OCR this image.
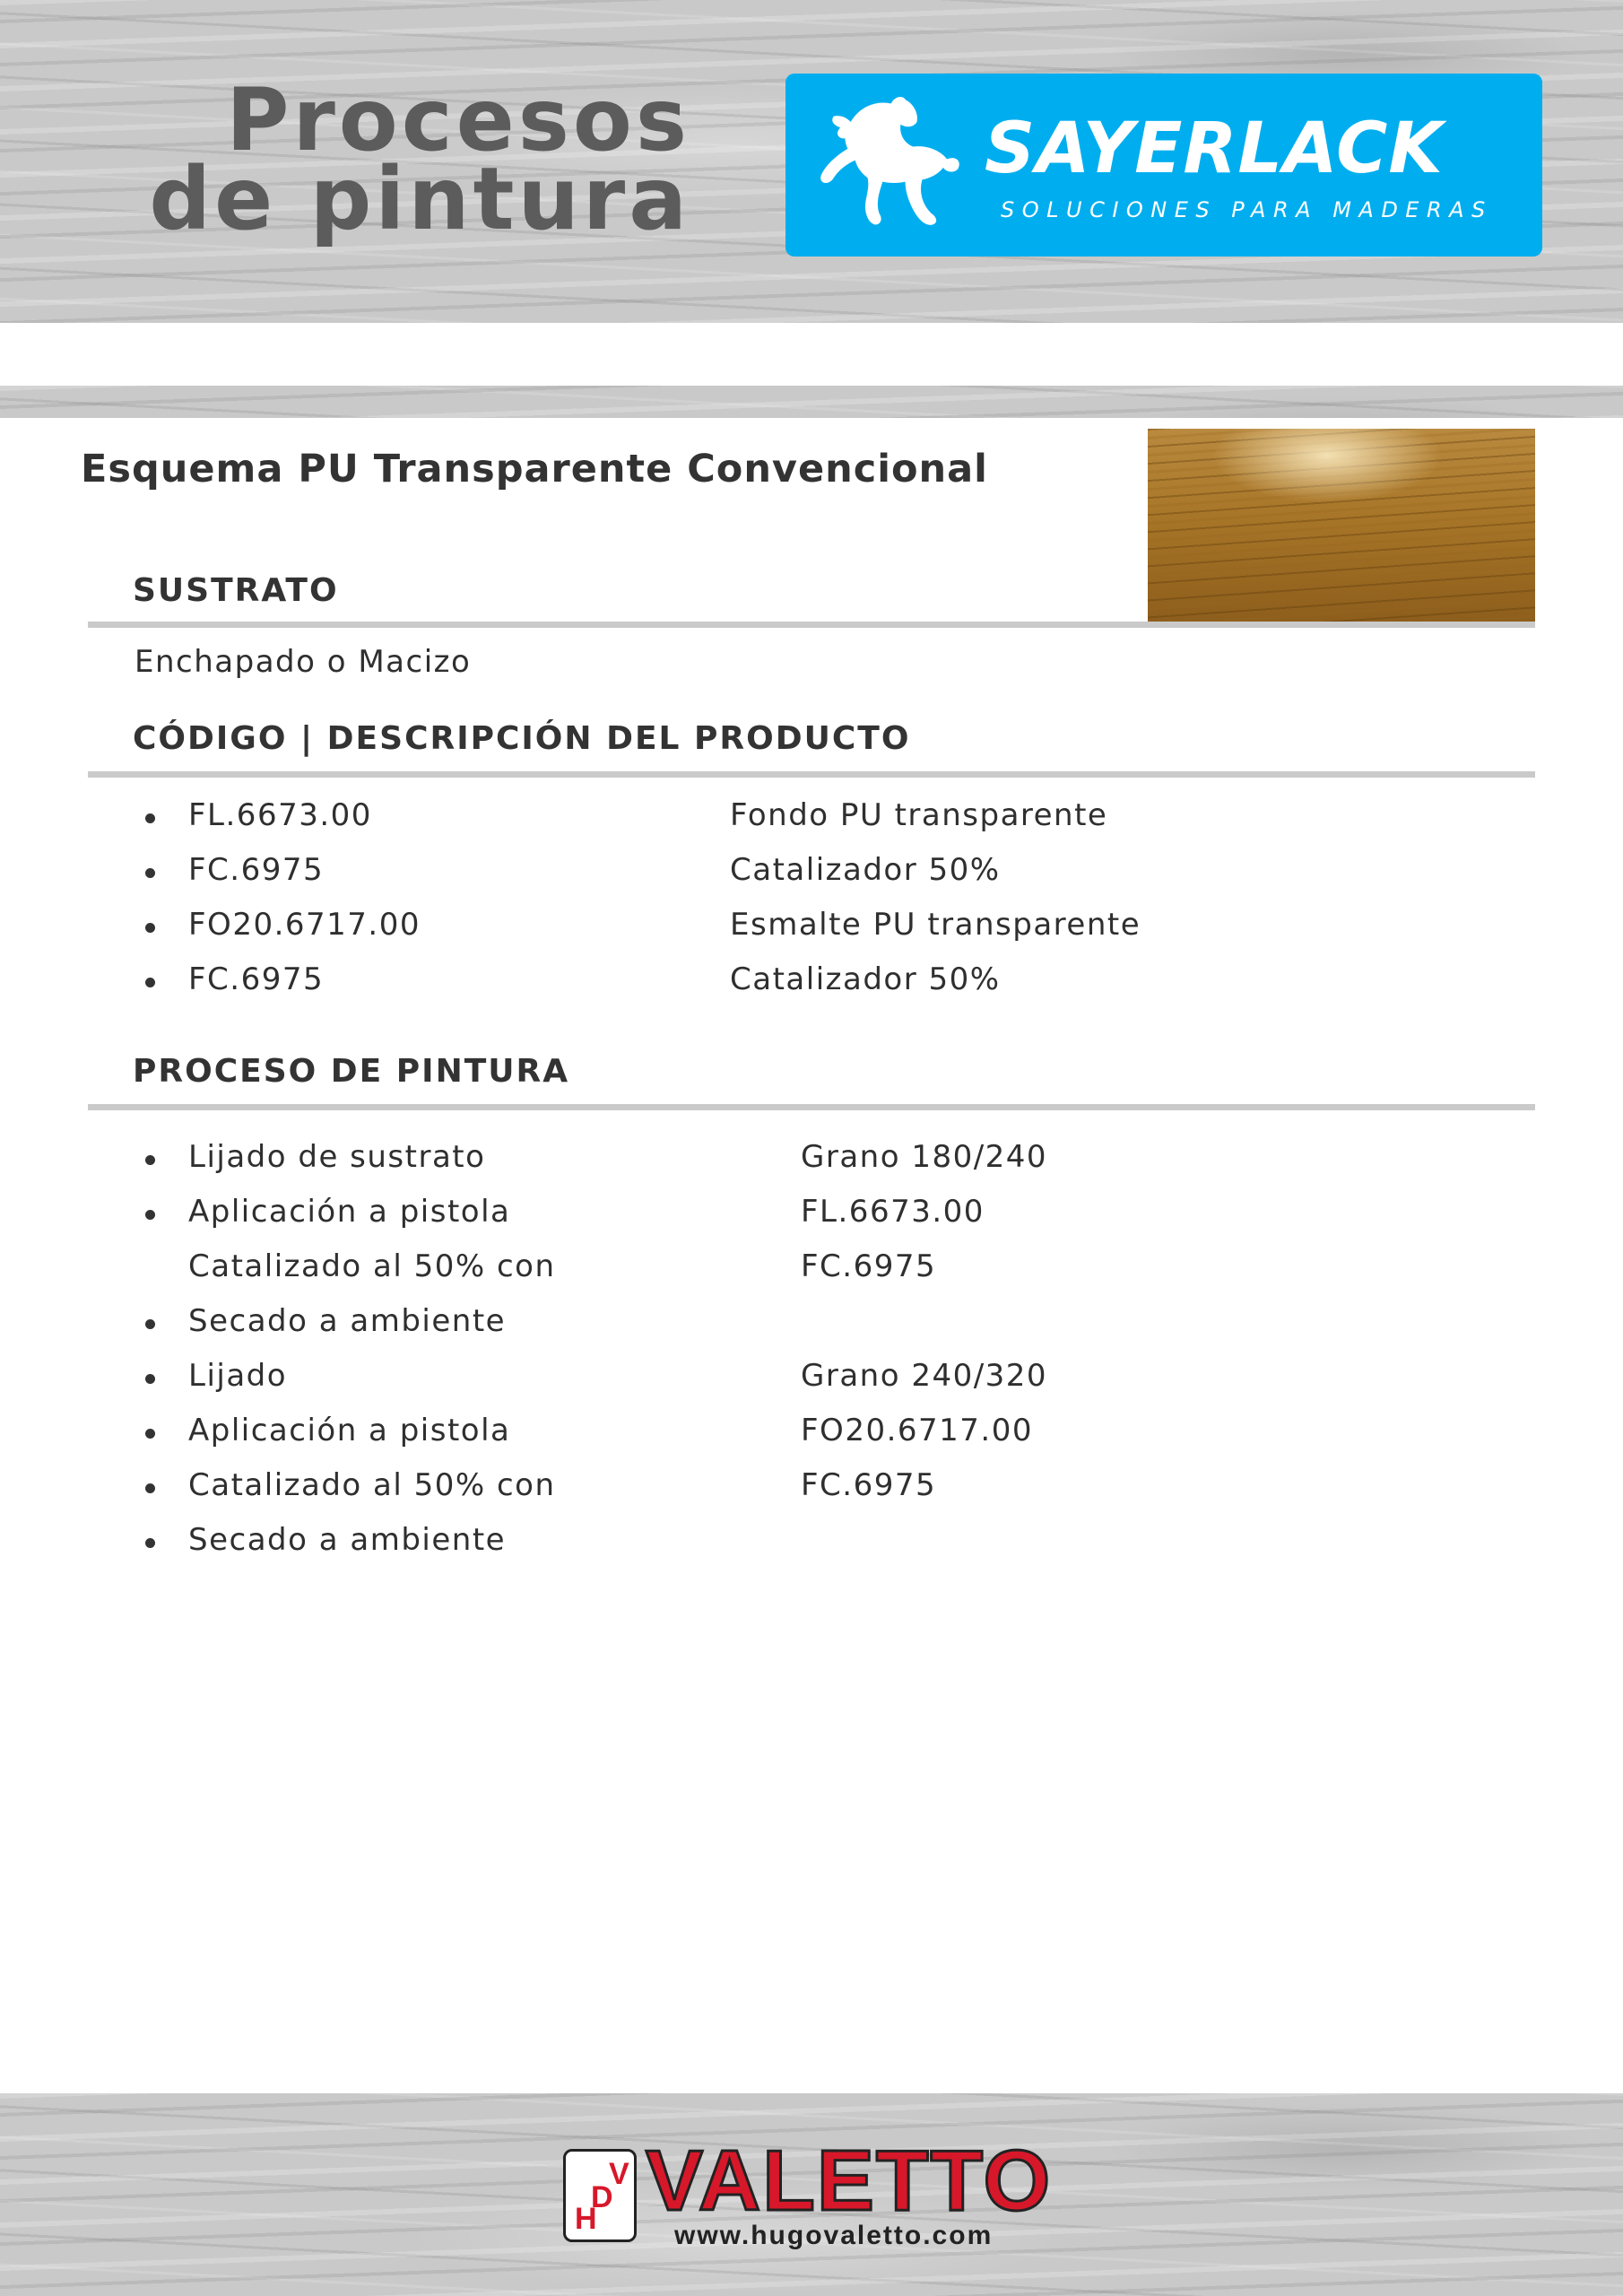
Procesos
de pintura	SAYERLACK
SOLUCIONES PARA MADERAS
Esquema PU Transparente Convencional
SUSTRATO
Enchapado o Macizo
CÓDIGO | DESCRIPCIÓN DEL PRODUCTO
FL.6673.00	Fondo PU transparente
FC.6975	Catalizador 50%
FO20.6717.00	Esmalte PU transparente
FC.6975	Catalizador 50%
PROCESO DE PINTURA
Lijado de sustrato	Grano 180/240
Aplicación a pistola	FL.6673.00
Catalizado al 50% con	FC.6975
Secado a ambiente
Lijado	Grano 240/320
Aplicación a pistola	FO20.6717.00
Catalizado al 50% con	FC.6975
Secado a ambiente
H
D
V VALETTO
www.hugovaletto.com
